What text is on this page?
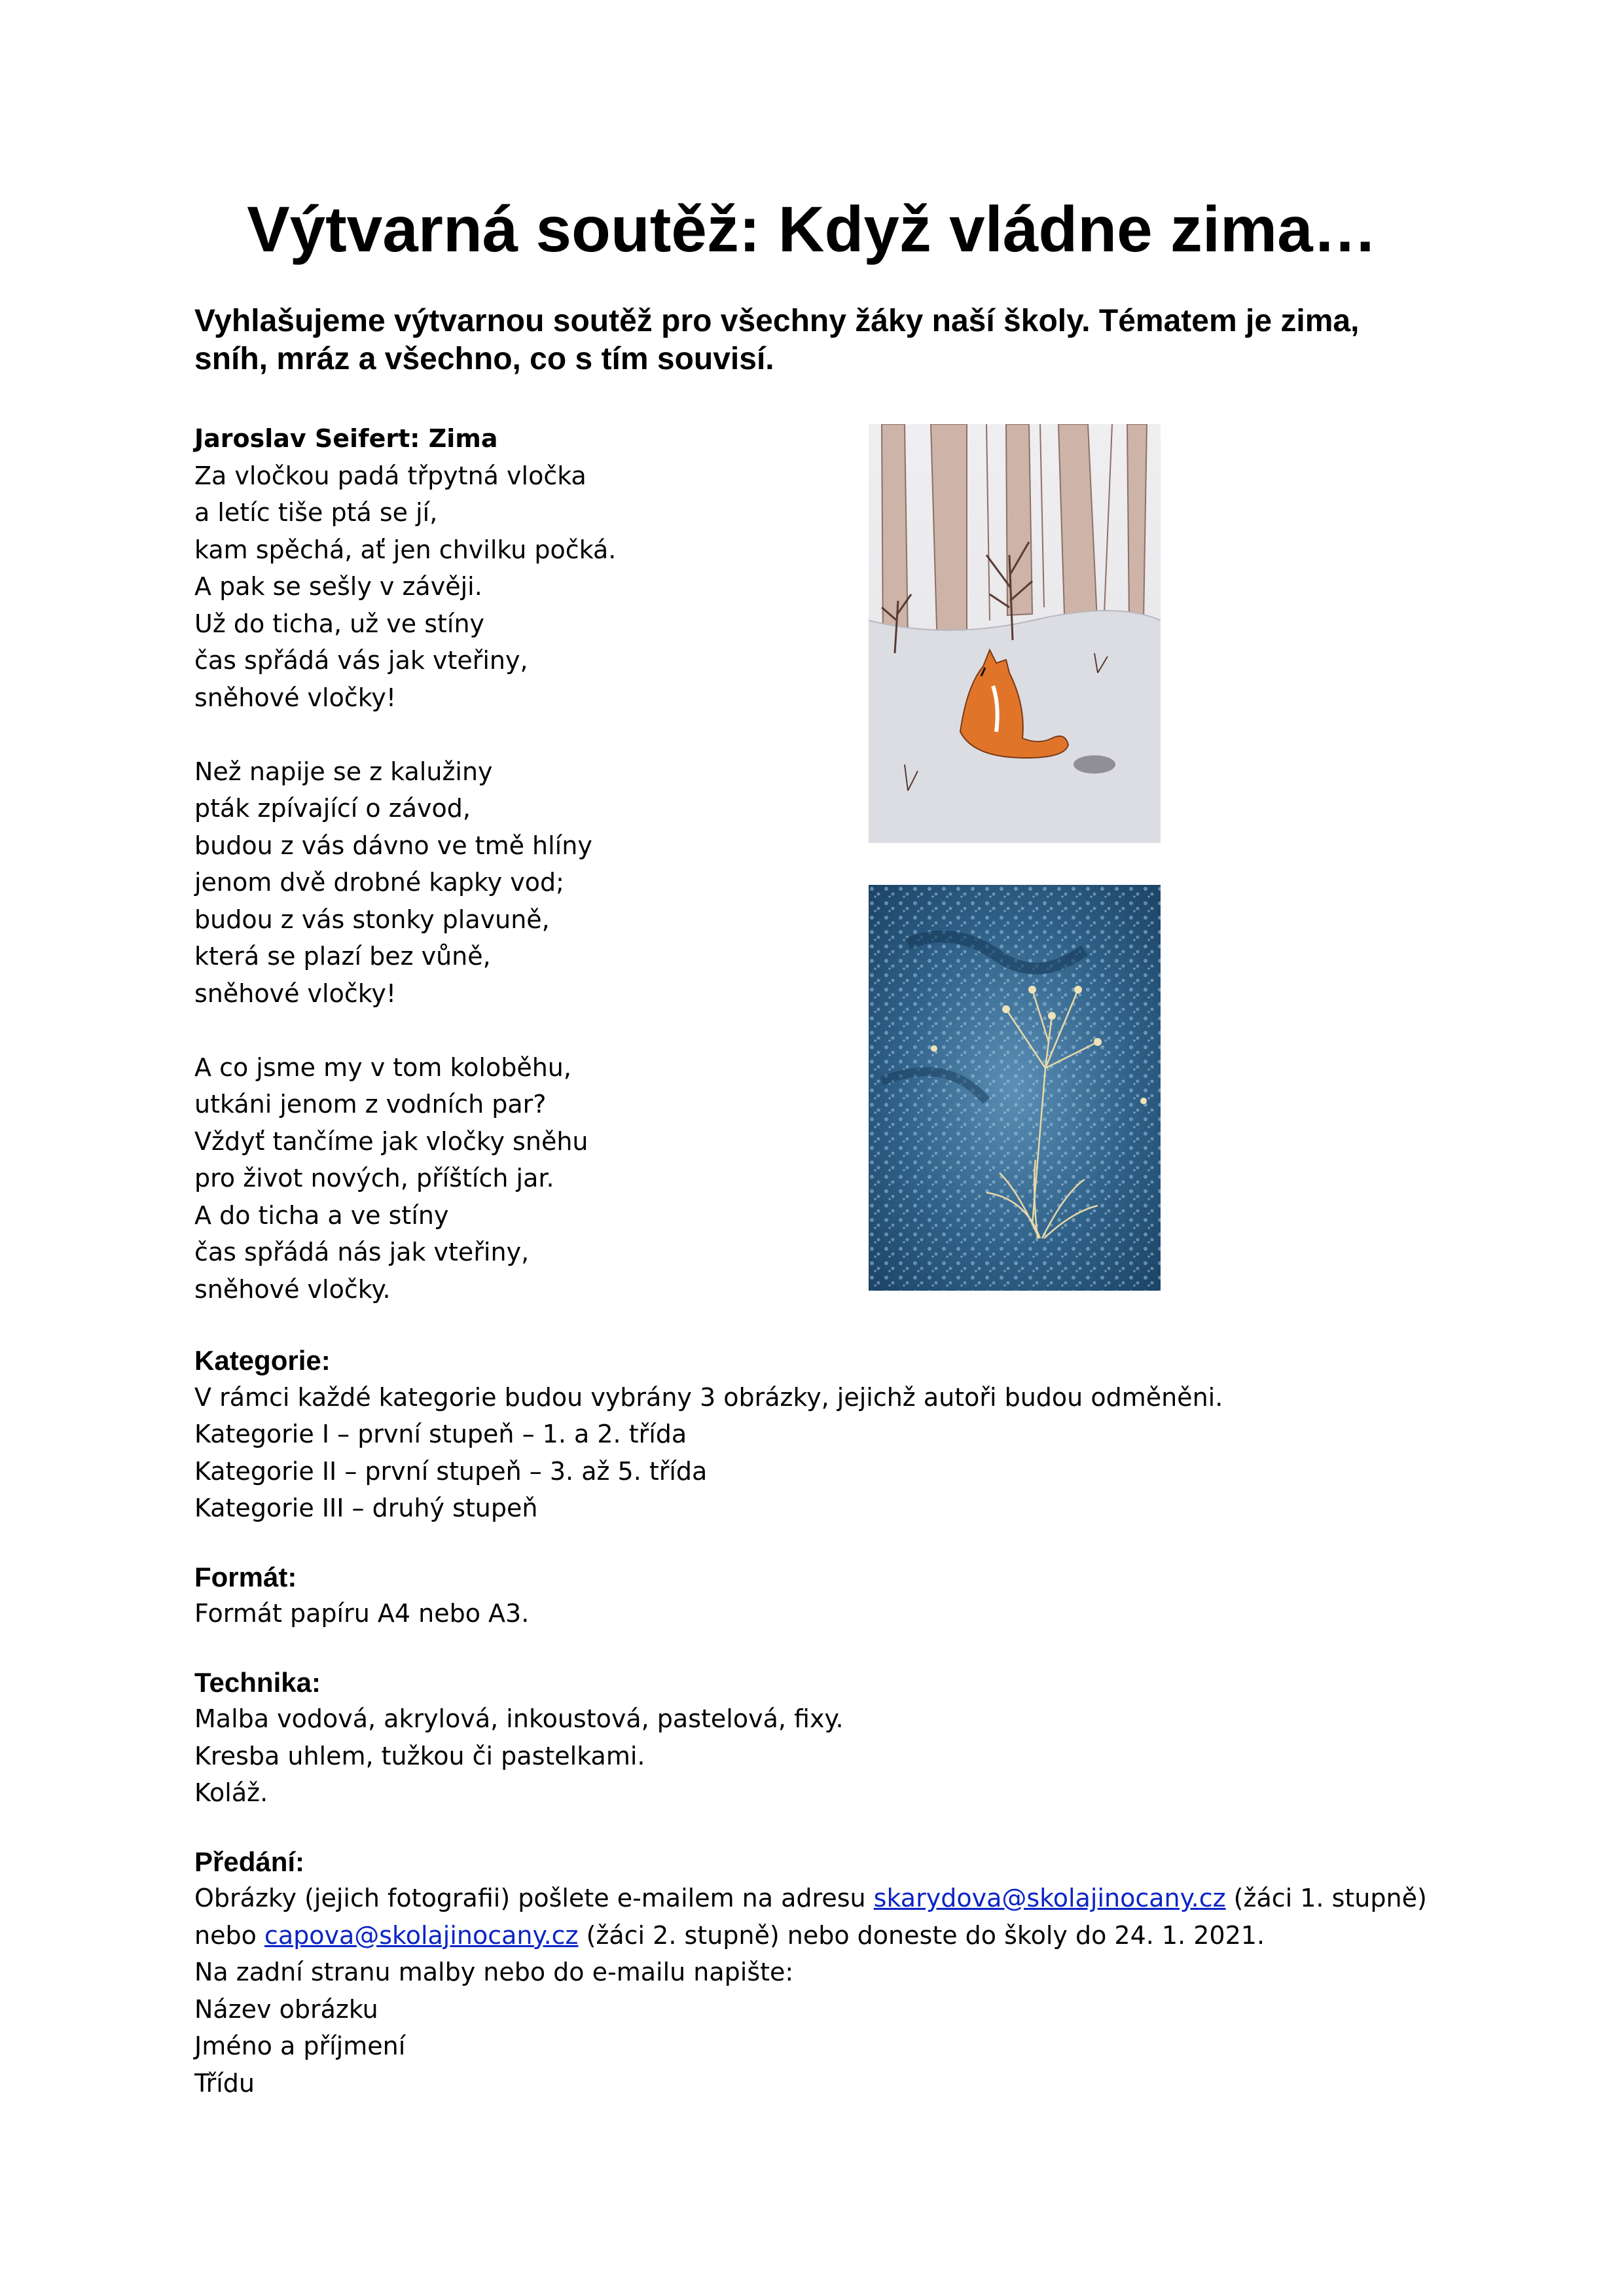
Výtvarná soutěž: Když vládne zima…

Vyhlašujeme výtvarnou soutěž pro všechny žáky naší školy. Tématem je zima, sníh, mráz a všechno, co s tím souvisí.

Jaroslav Seifert: Zima
Za vločkou padá třpytná vločka
a letíc tiše ptá se jí,
kam spěchá, ať jen chvilku počká.
A pak se sešly v závěji.
Už do ticha, už ve stíny
čas spřádá vás jak vteřiny,
sněhové vločky!
Než napije se z kalužiny
pták zpívající o závod,
budou z vás dávno ve tmě hlíny
jenom dvě drobné kapky vod;
budou z vás stonky plavuně,
která se plazí bez vůně,
sněhové vločky!
A co jsme my v tom koloběhu,
utkáni jenom z vodních par?
Vždyť tančíme jak vločky sněhu
pro život nových, příštích jar.
A do ticha a ve stíny
čas spřádá nás jak vteřiny,
sněhové vločky.

Kategorie:

V rámci každé kategorie budou vybrány 3 obrázky, jejichž autoři budou odměněni.
Kategorie I – první stupeň – 1. a 2. třída
Kategorie II – první stupeň – 3. až 5. třída
Kategorie III – druhý stupeň

Formát:

Formát papíru A4 nebo A3.

Technika:

Malba vodová, akrylová, inkoustová, pastelová, fixy.
Kresba uhlem, tužkou či pastelkami.
Koláž.

Předání:

Obrázky (jejich fotografii) pošlete e-mailem na adresu skarydova@skolajinocany.cz (žáci 1. stupně)
nebo capova@skolajinocany.cz (žáci 2. stupně) nebo doneste do školy do 24. 1. 2021.
Na zadní stranu malby nebo do e-mailu napište:
Název obrázku
Jméno a příjmení
Třídu
